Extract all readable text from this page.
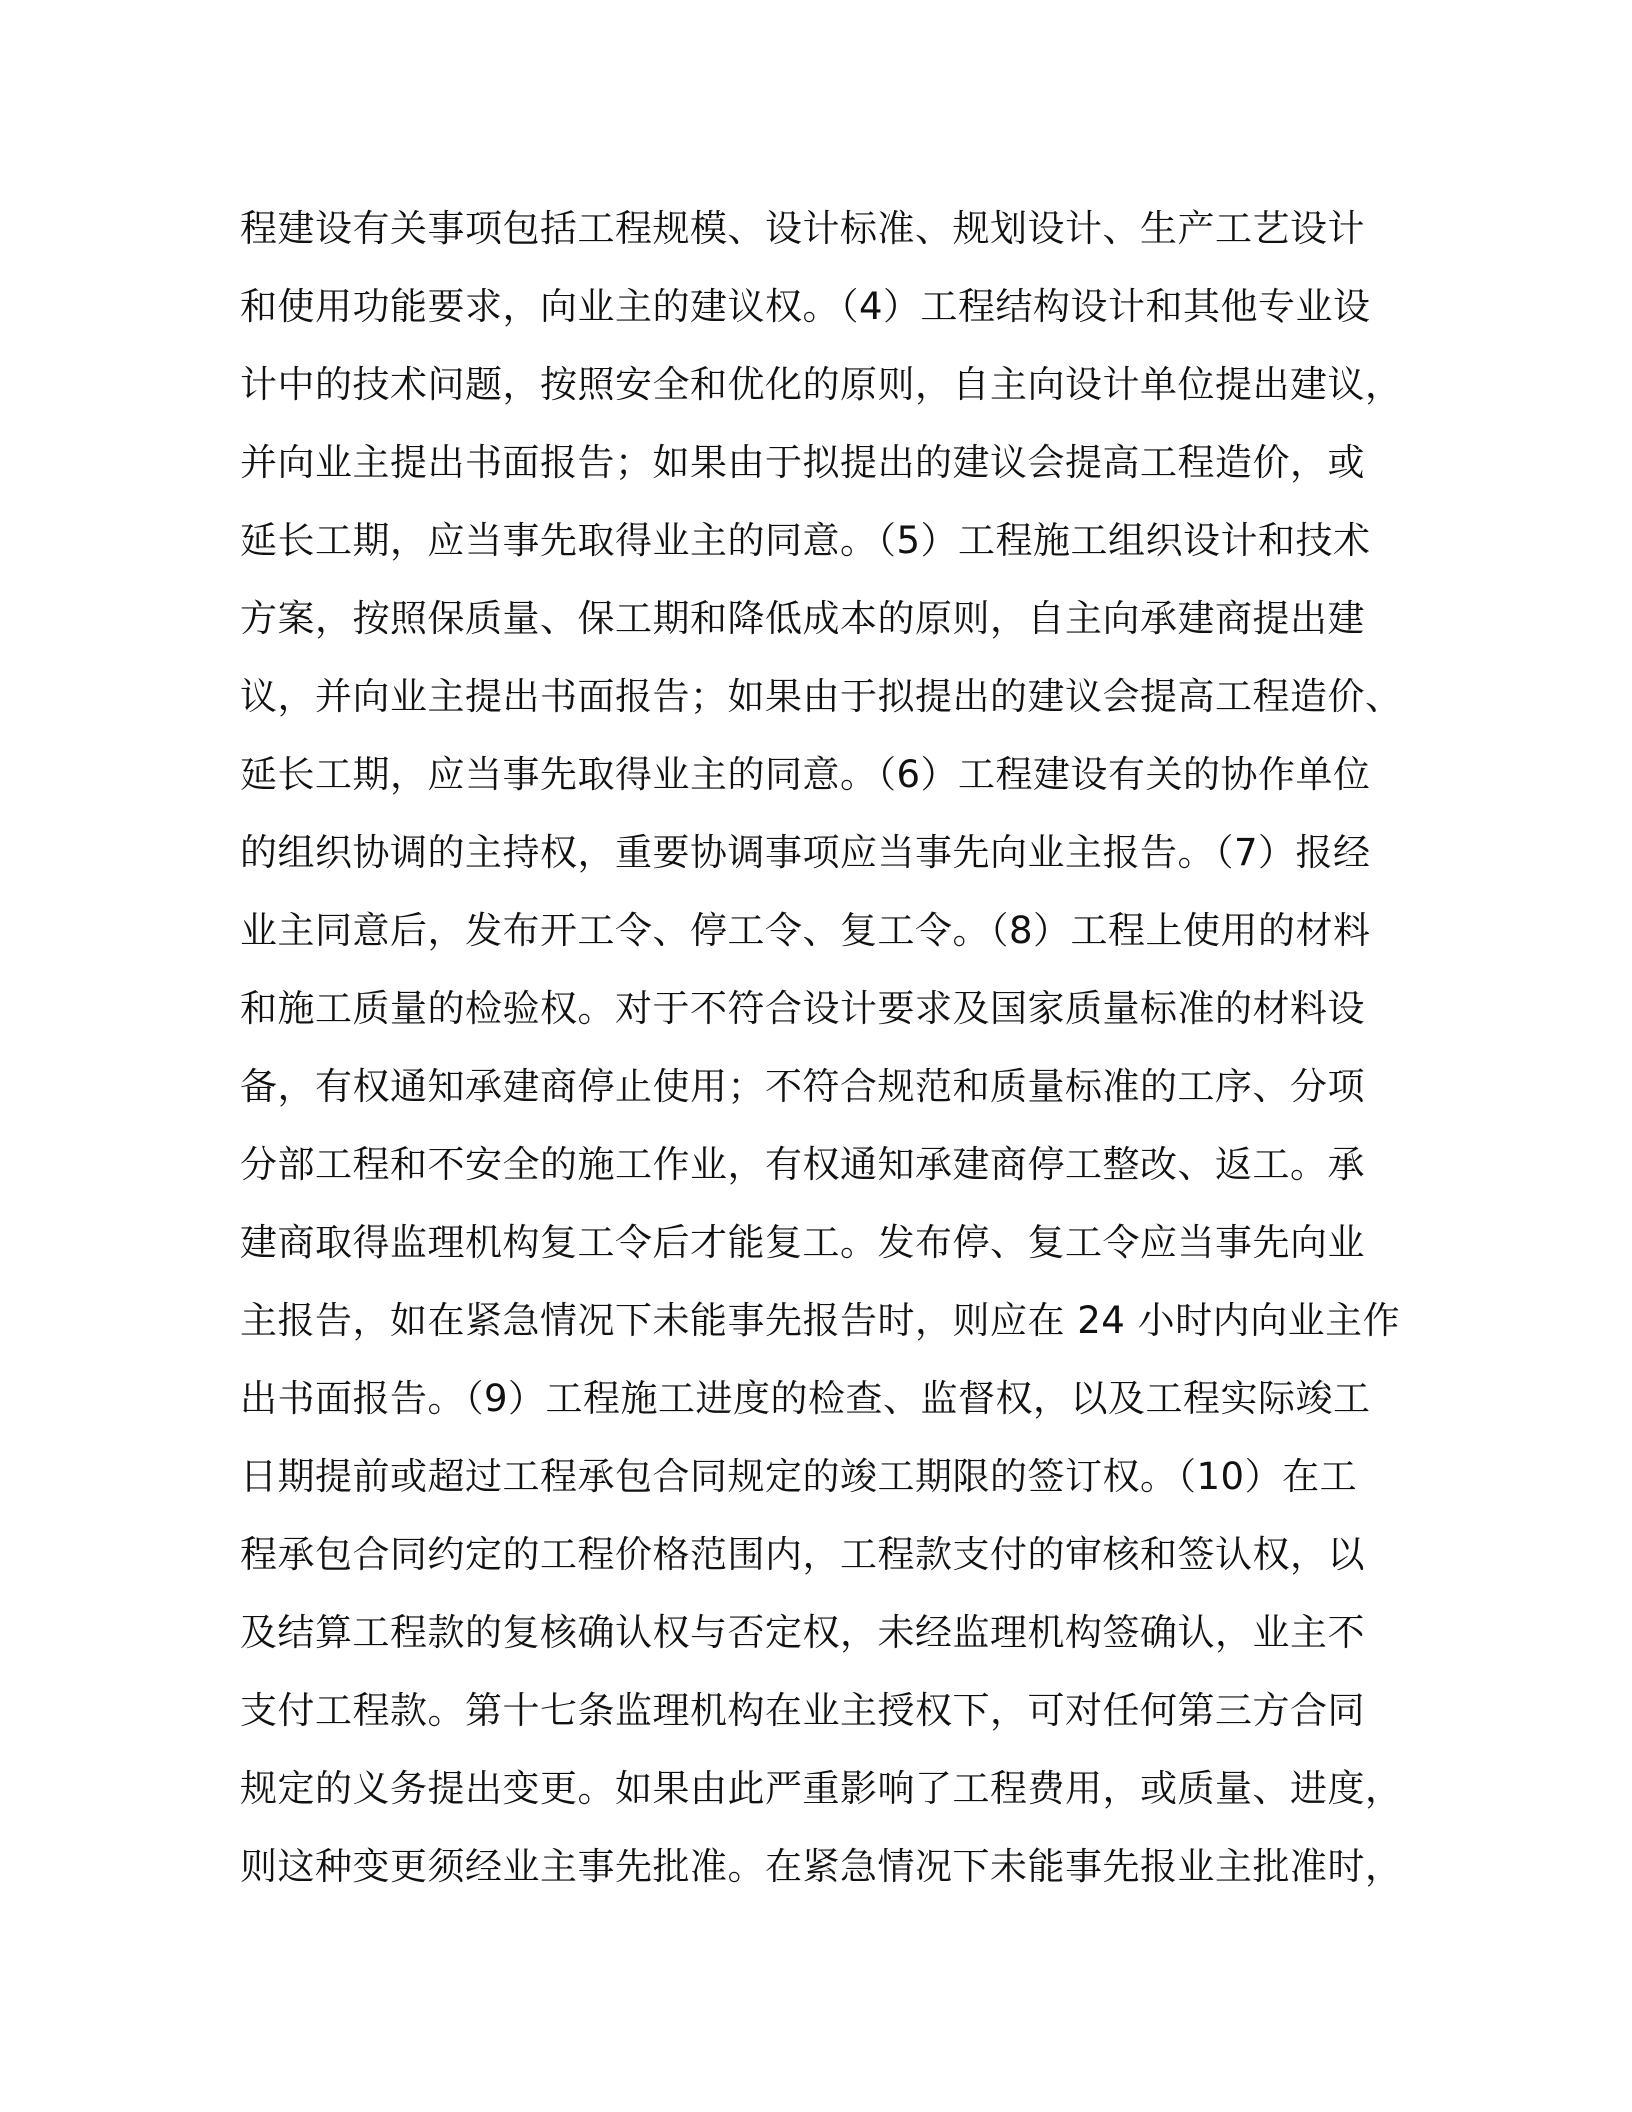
程建设有关事项包括工程规模、设计标准、规划设计、生产工艺设计
和使用功能要求，向业主的建议权。（4）工程结构设计和其他专业设
计中的技术问题，按照安全和优化的原则，自主向设计单位提出建议，
并向业主提出书面报告；如果由于拟提出的建议会提高工程造价，或
延长工期，应当事先取得业主的同意。（5）工程施工组织设计和技术
方案，按照保质量、保工期和降低成本的原则，自主向承建商提出建
议，并向业主提出书面报告；如果由于拟提出的建议会提高工程造价、
延长工期，应当事先取得业主的同意。（6）工程建设有关的协作单位
的组织协调的主持权，重要协调事项应当事先向业主报告。（7）报经
业主同意后，发布开工令、停工令、复工令。（8）工程上使用的材料
和施工质量的检验权。对于不符合设计要求及国家质量标准的材料设
备，有权通知承建商停止使用；不符合规范和质量标准的工序、分项
分部工程和不安全的施工作业，有权通知承建商停工整改、返工。承
建商取得监理机构复工令后才能复工。发布停、复工令应当事先向业
主报告，如在紧急情况下未能事先报告时，则应在 24 小时内向业主作
出书面报告。（9）工程施工进度的检查、监督权，以及工程实际竣工
日期提前或超过工程承包合同规定的竣工期限的签订权。（10）在工
程承包合同约定的工程价格范围内，工程款支付的审核和签认权，以
及结算工程款的复核确认权与否定权，未经监理机构签确认，业主不
支付工程款。第十七条监理机构在业主授权下，可对任何第三方合同
规定的义务提出变更。如果由此严重影响了工程费用，或质量、进度，
则这种变更须经业主事先批准。在紧急情况下未能事先报业主批准时，
